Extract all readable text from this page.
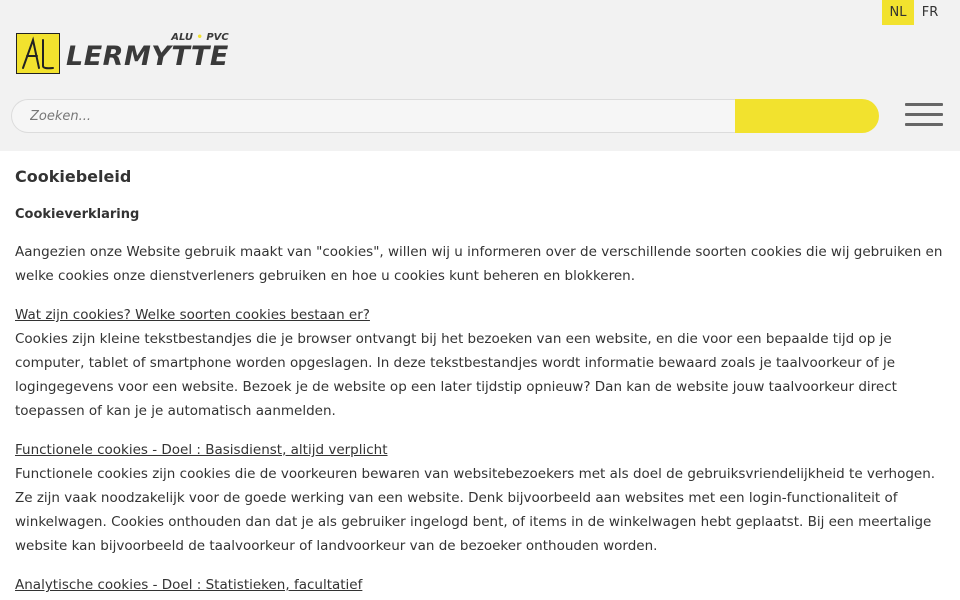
NL	FR
ALU • PVC
LERMYTTE
Zoeken...
Cookiebeleid
Cookieverklaring

Aangezien onze Website gebruik maakt van "cookies", willen wij u informeren over de verschillende soorten cookies die wij gebruiken en welke cookies onze dienstverleners gebruiken en hoe u cookies kunt beheren en blokkeren.

Wat zijn cookies? Welke soorten cookies bestaan er?

Cookies zijn kleine tekstbestandjes die je browser ontvangt bij het bezoeken van een website, en die voor een bepaalde tijd op je computer, tablet of smartphone worden opgeslagen. In deze tekstbestandjes wordt informatie bewaard zoals je taalvoorkeur of je logingegevens voor een website. Bezoek je de website op een later tijdstip opnieuw? Dan kan de website jouw taalvoorkeur direct toepassen of kan je je automatisch aanmelden.

Functionele cookies - Doel : Basisdienst, altijd verplicht

Functionele cookies zijn cookies die de voorkeuren bewaren van websitebezoekers met als doel de gebruiksvriendelijkheid te verhogen. Ze zijn vaak noodzakelijk voor de goede werking van een website. Denk bijvoorbeeld aan websites met een login-functionaliteit of winkelwagen. Cookies onthouden dan dat je als gebruiker ingelogd bent, of items in de winkelwagen hebt geplaatst. Bij een meertalige website kan bijvoorbeeld de taalvoorkeur of landvoorkeur van de bezoeker onthouden worden.

Analytische cookies - Doel : Statistieken, facultatief
